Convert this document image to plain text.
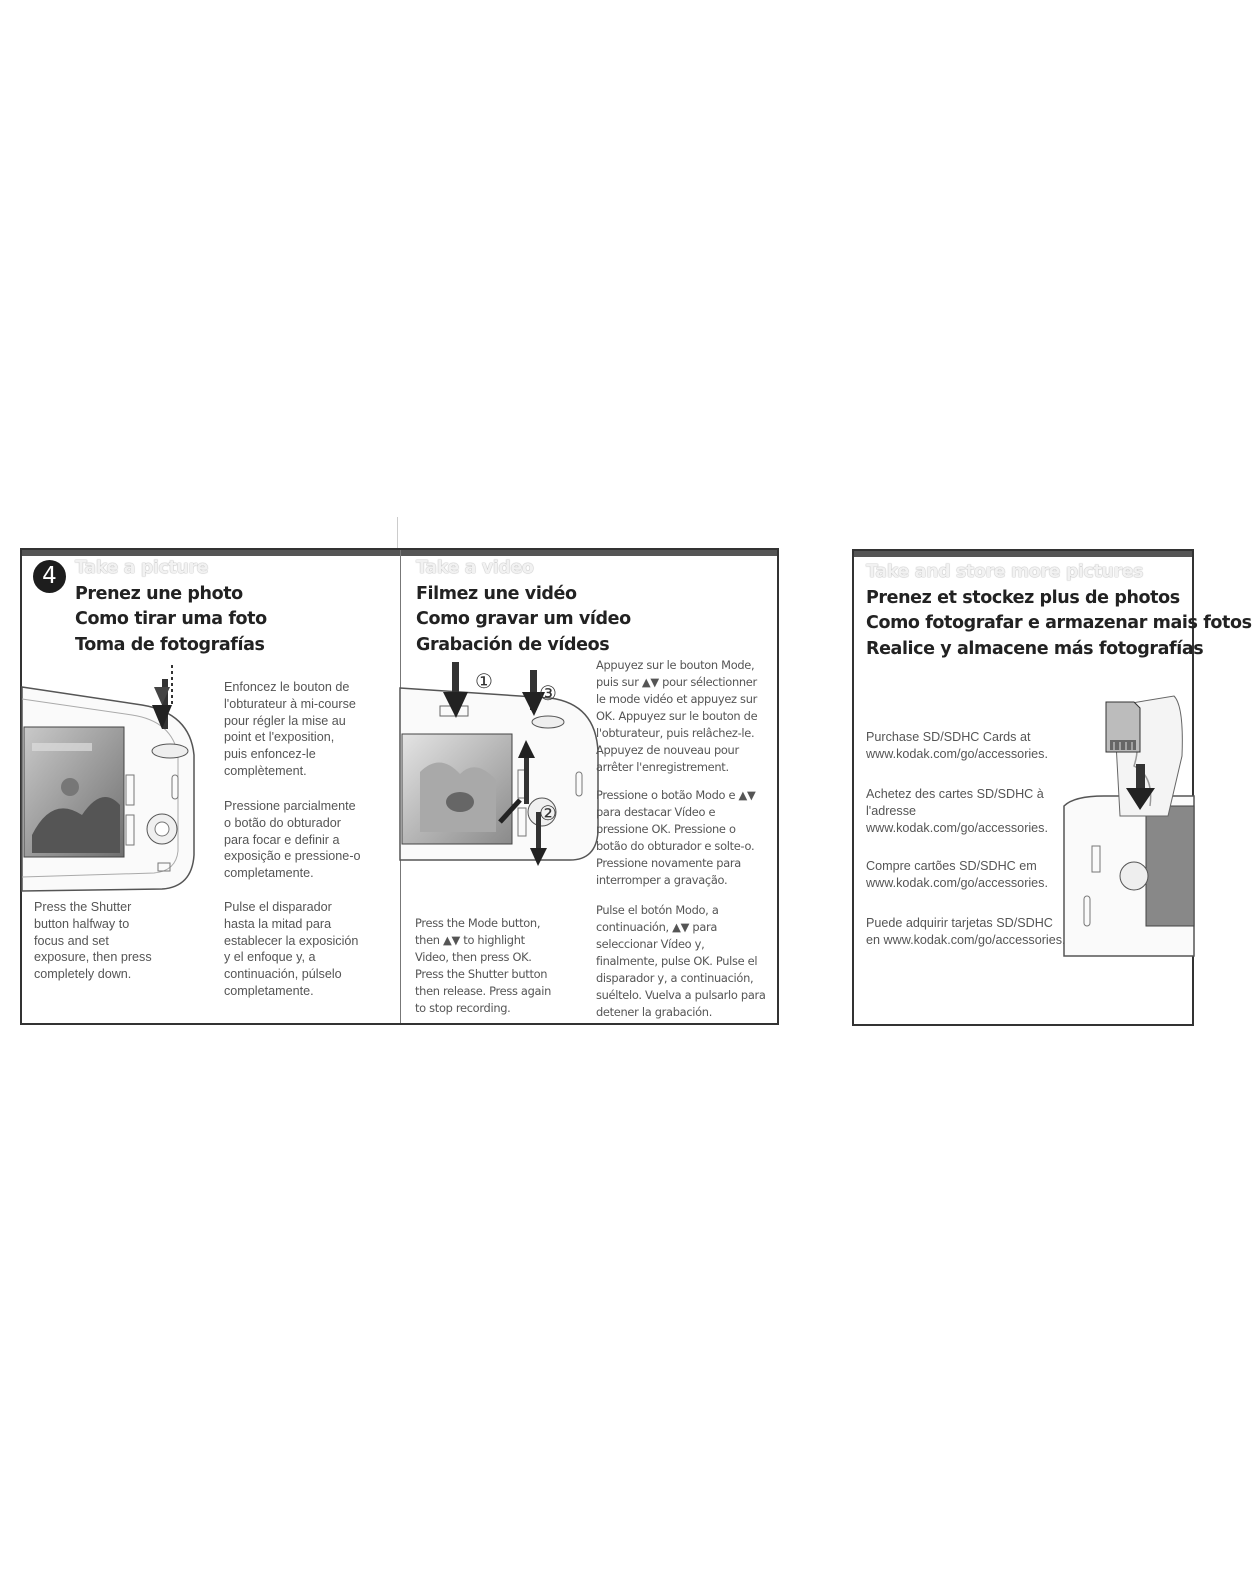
4	Take a picture
Prenez une photo
Como tirar uma foto
Toma de fotografías
Press the Shutter
button halfway to
focus and set
exposure, then press
completely down.
Enfoncez le bouton de
l'obturateur à mi-course
pour régler la mise au
point et l'exposition,
puis enfoncez-le
complètement.
Pressione parcialmente
o botão do obturador
para focar e definir a
exposição e pressione-o
completamente.
Pulse el disparador
hasta la mitad para
establecer la exposición
y el enfoque y, a
continuación, púlselo
completamente.
Take a video
Filmez une vidéo
Como gravar um vídeo
Grabación de vídeos
①
②
③
Appuyez sur le bouton Mode,
puis sur ▲▼ pour sélectionner
le mode vidéo et appuyez sur
OK. Appuyez sur le bouton de
l'obturateur, puis relâchez-le.
Appuyez de nouveau pour
arrêter l'enregistrement.
Pressione o botão Modo e ▲▼
para destacar Vídeo e
pressione OK. Pressione o
botão do obturador e solte-o.
Pressione novamente para
interromper a gravação.
Press the Mode button,
then ▲▼ to highlight
Video, then press OK.
Press the Shutter button
then release. Press again
to stop recording.
Pulse el botón Modo, a
continuación, ▲▼ para
seleccionar Vídeo y,
finalmente, pulse OK. Pulse el
disparador y, a continuación,
suéltelo. Vuelva a pulsarlo para
detener la grabación.
Take and store more pictures
Prenez et stockez plus de photos
Como fotografar e armazenar mais fotos
Realice y almacene más fotografías
Purchase SD/SDHC Cards at
www.kodak.com/go/accessories.
Achetez des cartes SD/SDHC à
l'adresse
www.kodak.com/go/accessories.
Compre cartões SD/SDHC em
www.kodak.com/go/accessories.
Puede adquirir tarjetas SD/SDHC
en www.kodak.com/go/accessories.
